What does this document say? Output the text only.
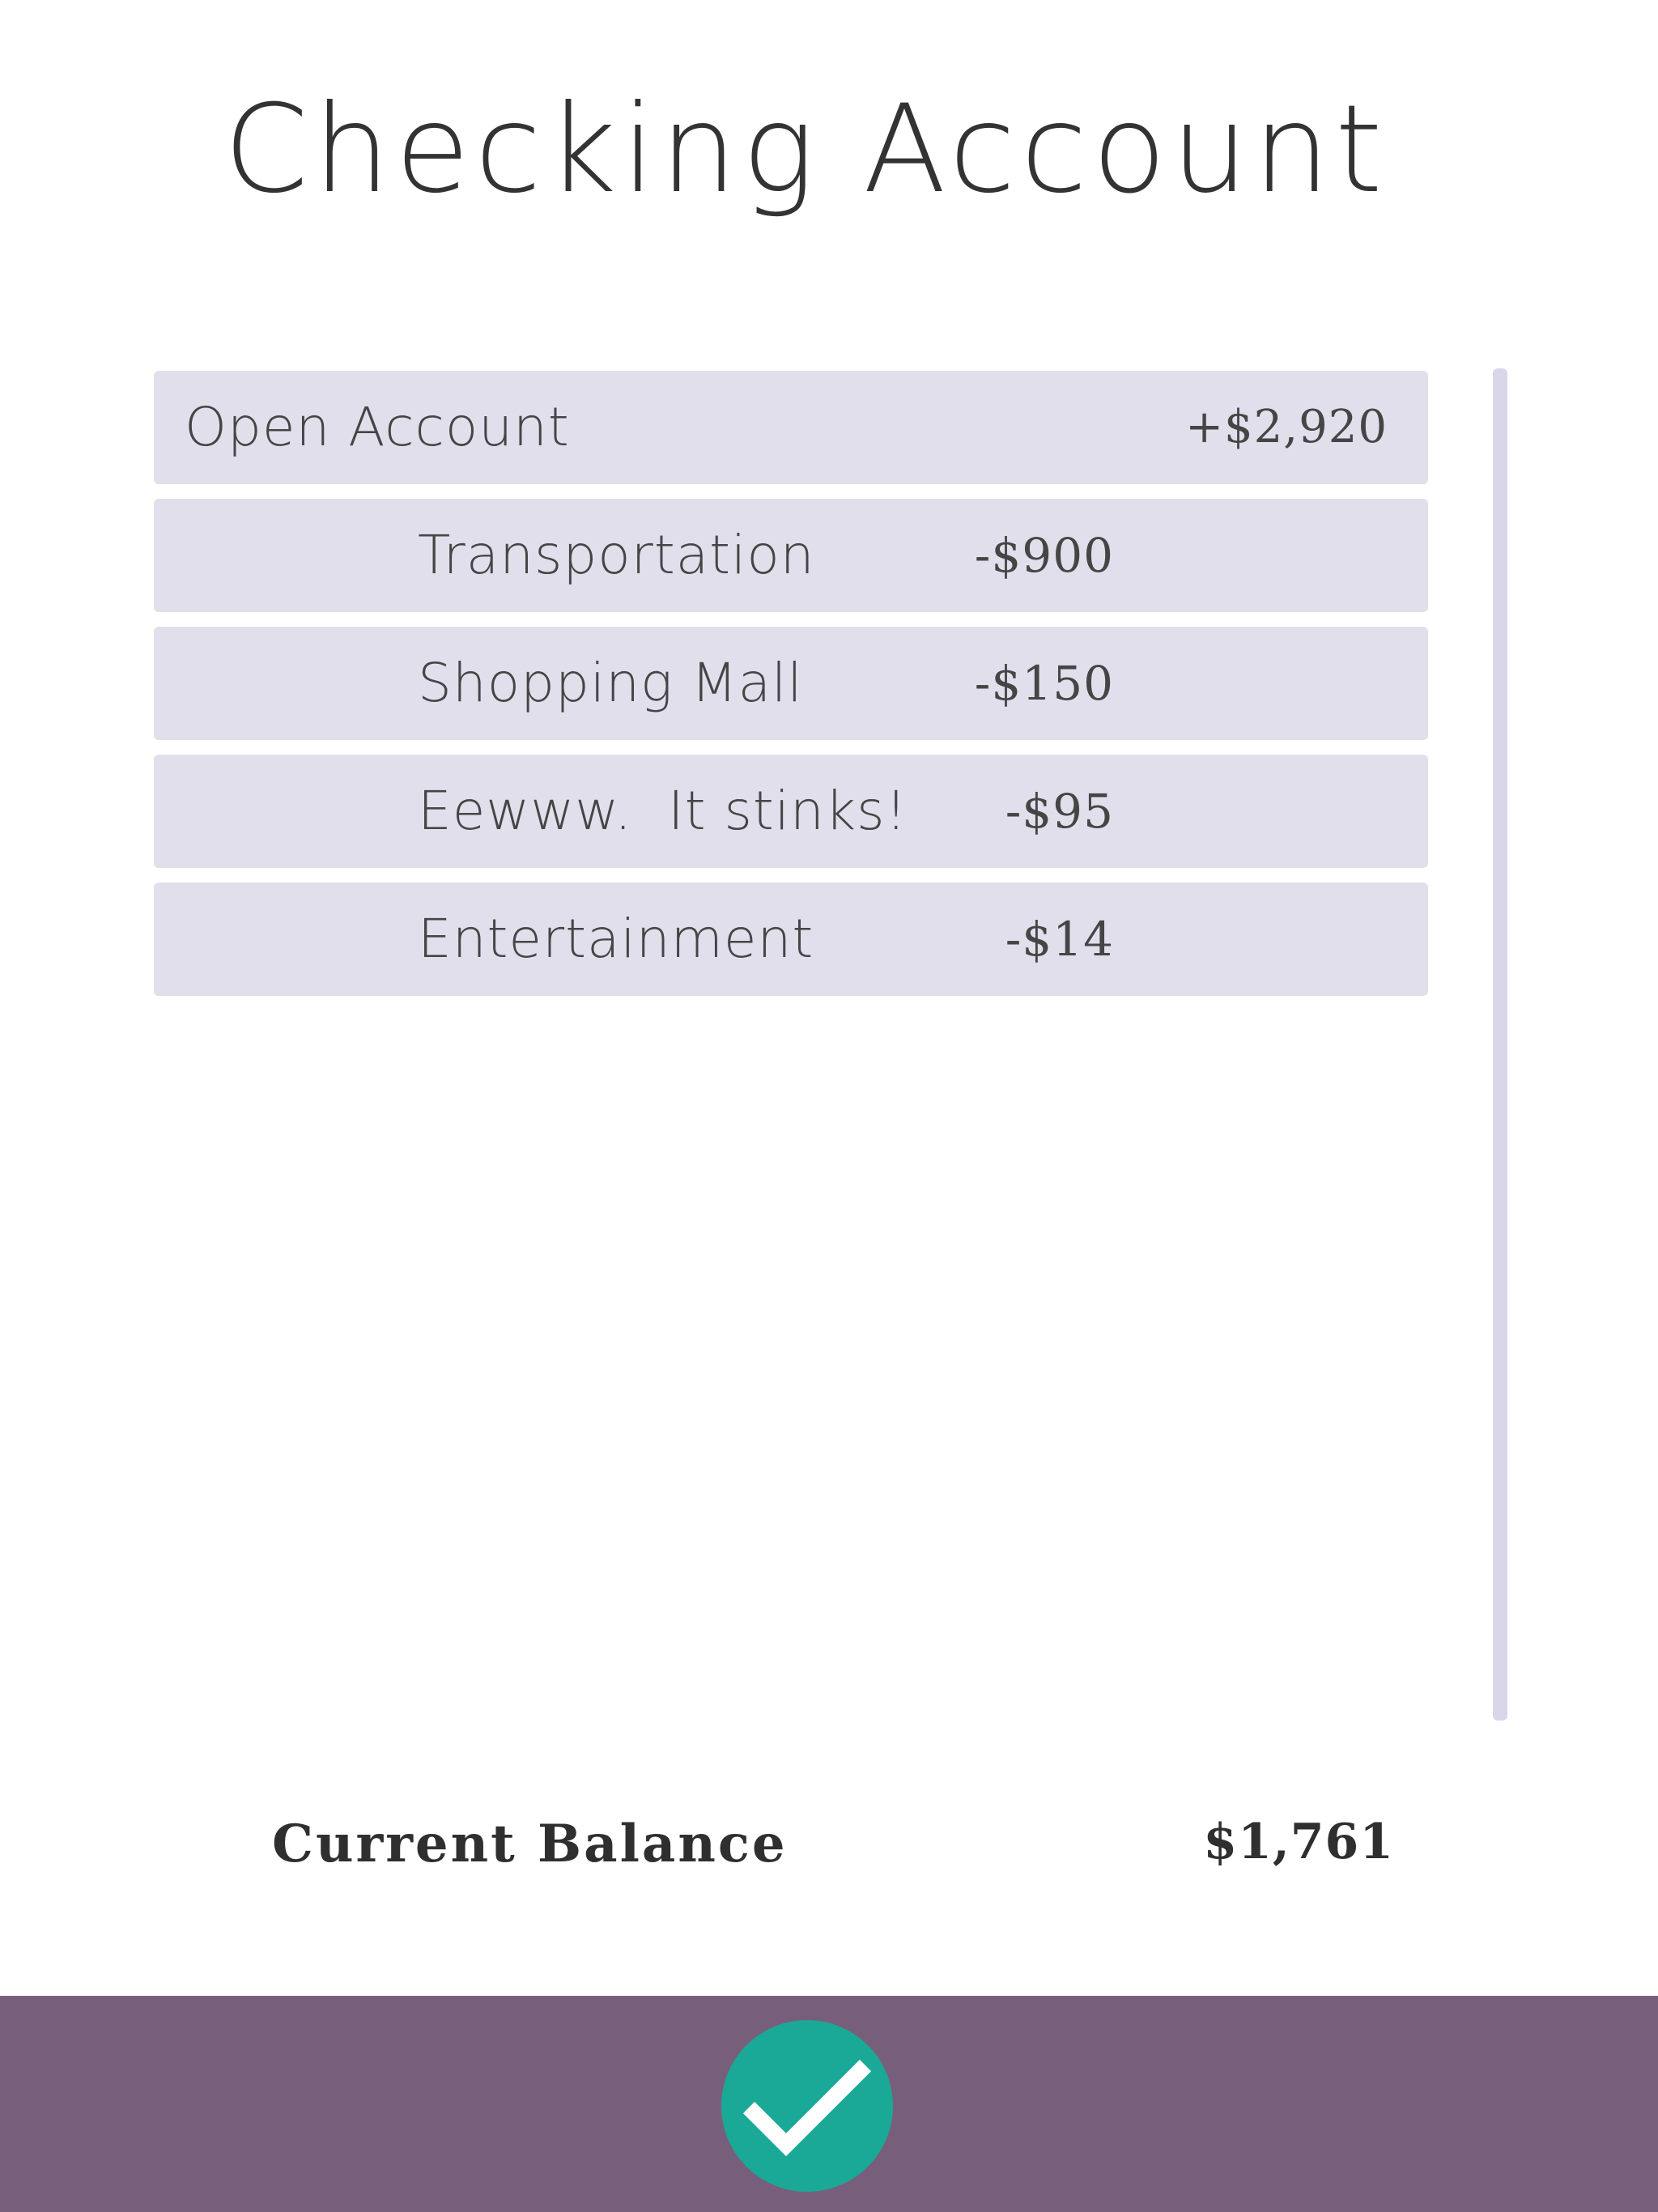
Checking Account
Open Account	+$2,920
Transportation	-$900
Shopping Mall	-$150
Eewww.  It stinks! -$95
Entertainment	-$14
Current Balance	$1,761
